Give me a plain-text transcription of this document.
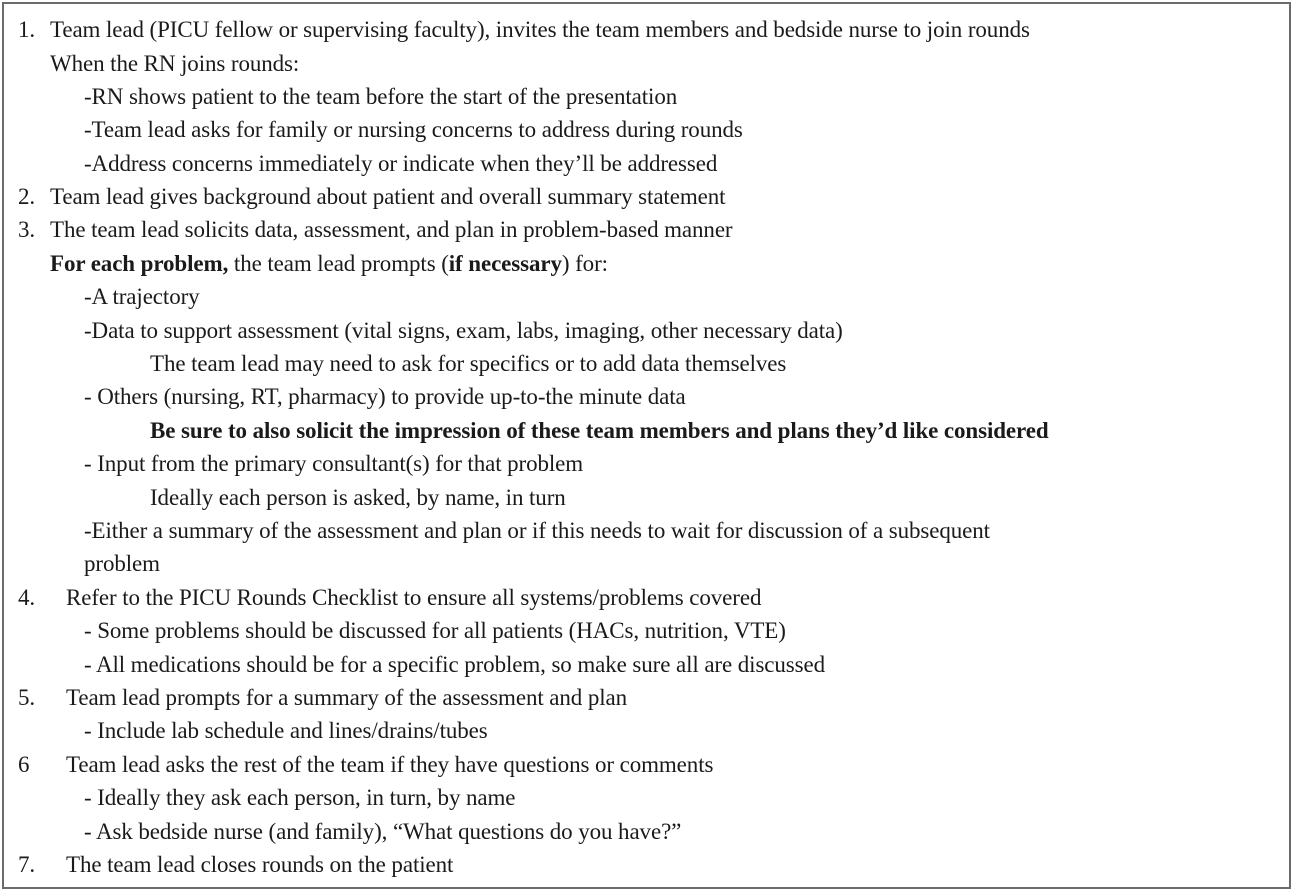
1. Team lead (PICU fellow or supervising faculty), invites the team members and bedside nurse to join rounds
When the RN joins rounds:
-RN shows patient to the team before the start of the presentation
-Team lead asks for family or nursing concerns to address during rounds
-Address concerns immediately or indicate when they’ll be addressed
2. Team lead gives background about patient and overall summary statement
3. The team lead solicits data, assessment, and plan in problem-based manner
For each problem, the team lead prompts (if necessary) for:
-A trajectory
-Data to support assessment (vital signs, exam, labs, imaging, other necessary data)
The team lead may need to ask for specifics or to add data themselves
- Others (nursing, RT, pharmacy) to provide up-to-the minute data
Be sure to also solicit the impression of these team members and plans they’d like considered
- Input from the primary consultant(s) for that problem
Ideally each person is asked, by name, in turn
-Either a summary of the assessment and plan or if this needs to wait for discussion of a subsequent
problem
4. Refer to the PICU Rounds Checklist to ensure all systems/problems covered
- Some problems should be discussed for all patients (HACs, nutrition, VTE)
- All medications should be for a specific problem, so make sure all are discussed
5. Team lead prompts for a summary of the assessment and plan
- Include lab schedule and lines/drains/tubes
6 Team lead asks the rest of the team if they have questions or comments
- Ideally they ask each person, in turn, by name
- Ask bedside nurse (and family), “What questions do you have?”
7. The team lead closes rounds on the patient
